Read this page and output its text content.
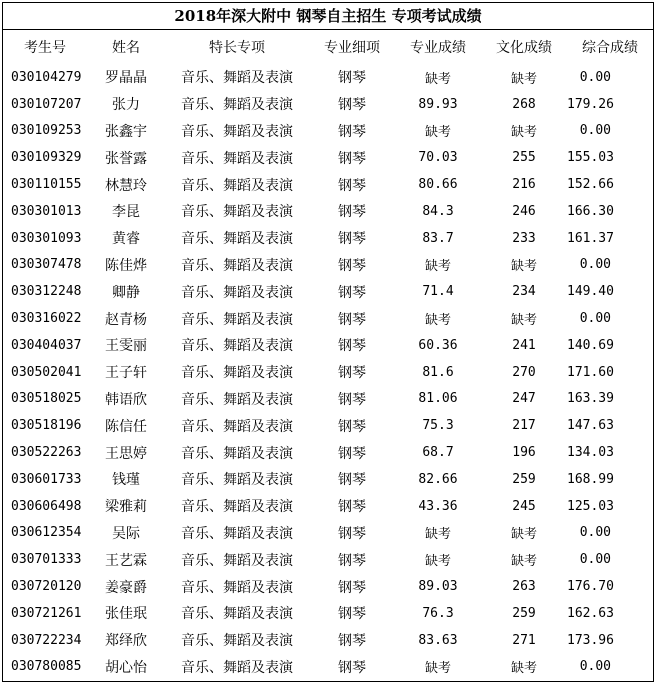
2018年深大附中 钢琴自主招生 专项考试成绩
考生号	姓名	特长专项	专业细项	专业成绩	文化成绩	综合成绩
030104279	罗晶晶	音乐、舞蹈及表演	钢琴	缺考	缺考	0.00
030107207	张力	音乐、舞蹈及表演	钢琴	89.93	268	179.26
030109253	张鑫宇	音乐、舞蹈及表演	钢琴	缺考	缺考	0.00
030109329	张誉露	音乐、舞蹈及表演	钢琴	70.03	255	155.03
030110155	林慧玲	音乐、舞蹈及表演	钢琴	80.66	216	152.66
030301013	李昆	音乐、舞蹈及表演	钢琴	84.3	246	166.30
030301093	黄睿	音乐、舞蹈及表演	钢琴	83.7	233	161.37
030307478	陈佳烨	音乐、舞蹈及表演	钢琴	缺考	缺考	0.00
030312248	卿静	音乐、舞蹈及表演	钢琴	71.4	234	149.40
030316022	赵青杨	音乐、舞蹈及表演	钢琴	缺考	缺考	0.00
030404037	王雯丽	音乐、舞蹈及表演	钢琴	60.36	241	140.69
030502041	王子轩	音乐、舞蹈及表演	钢琴	81.6	270	171.60
030518025	韩语欣	音乐、舞蹈及表演	钢琴	81.06	247	163.39
030518196	陈信任	音乐、舞蹈及表演	钢琴	75.3	217	147.63
030522263	王思婷	音乐、舞蹈及表演	钢琴	68.7	196	134.03
030601733	钱瑾	音乐、舞蹈及表演	钢琴	82.66	259	168.99
030606498	梁雅莉	音乐、舞蹈及表演	钢琴	43.36	245	125.03
030612354	吴际	音乐、舞蹈及表演	钢琴	缺考	缺考	0.00
030701333	王艺霖	音乐、舞蹈及表演	钢琴	缺考	缺考	0.00
030720120	姜豪爵	音乐、舞蹈及表演	钢琴	89.03	263	176.70
030721261	张佳珉	音乐、舞蹈及表演	钢琴	76.3	259	162.63
030722234	郑绎欣	音乐、舞蹈及表演	钢琴	83.63	271	173.96
030780085	胡心怡	音乐、舞蹈及表演	钢琴	缺考	缺考	0.00
